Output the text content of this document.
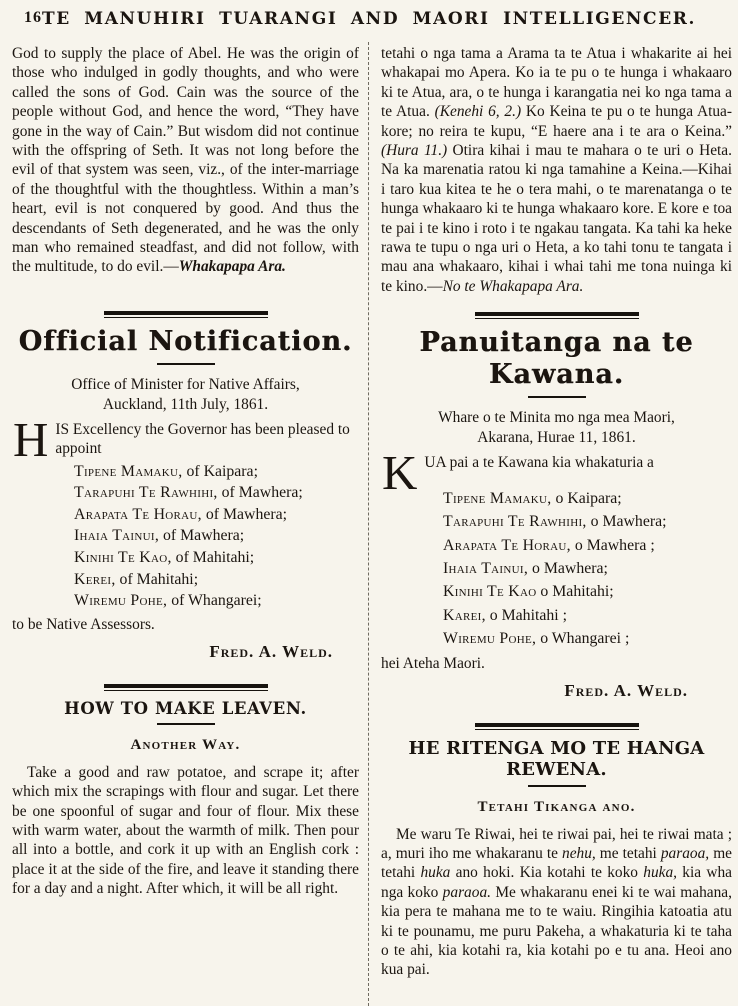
16 TE MANUHIRI TUARANGI AND MAORI INTELLIGENCER.

God to supply the place of Abel. He was the origin of those who indulged in godly thoughts, and who were called the sons of God. Cain was the source of the people without God, and hence the word, “They have gone in the way of Cain.” But wisdom did not continue with the offspring of Seth. It was not long before the evil of that system was seen, viz., of the inter-marriage of the thoughtful with the thoughtless. Within a man’s heart, evil is not conquered by good. And thus the descendants of Seth degenerated, and he was the only man who remained steadfast, and did not follow, with the multitude, to do evil.—Whakapapa Ara.

Official Notification.

Office of Minister for Native Affairs,

Auckland, 11th July, 1861.

HIS Excellency the Governor has been pleased to appoint

Tipene Mamaku, of Kaipara;
Tarapuhi Te Rawhihi, of Mawhera;
Arapata Te Horau, of Mawhera;
Ihaia Tainui, of Mawhera;
Kinihi Te Kao, of Mahitahi;
Kerei, of Mahitahi;
Wiremu Pohe, of Whangarei;

to be Native Assessors.

Fred. A. Weld.

HOW TO MAKE LEAVEN.
Another Way.

Take a good and raw potatoe, and scrape it; after which mix the scrapings with flour and sugar. Let there be one spoonful of sugar and four of flour. Mix these with warm water, about the warmth of milk. Then pour all into a bottle, and cork it up with an English cork : place it at the side of the fire, and leave it standing there for a day and a night. After which, it will be all right.

tetahi o nga tama a Arama ta te Atua i whakarite ai hei whakapai mo Apera. Ko ia te pu o te hunga i whakaaro ki te Atua, ara, o te hunga i karangatia nei ko nga tama a te Atua. (Kenehi 6, 2.) Ko Keina te pu o te hunga Atua-kore; no reira te kupu, “E haere ana i te ara o Keina.” (Hura 11.) Otira kihai i mau te mahara o te uri o Heta. Na ka marenatia ratou ki nga tamahine a Keina.—Kihai i taro kua kitea te he o tera mahi, o te marenatanga o te hunga whakaaro ki te hunga whakaaro kore. E kore e toa te pai i te kino i roto i te ngakau tangata. Ka tahi ka heke rawa te tupu o nga uri o Heta, a ko tahi tonu te tangata i mau ana whakaaro, kihai i whai tahi me tona nuinga ki te kino.—No te Whakapapa Ara.

Panuitanga na te Kawana.

Whare o te Minita mo nga mea Maori,

Akarana, Hurae 11, 1861.

KUA pai a te Kawana kia whakaturia a

Tipene Mamaku, o Kaipara;
Tarapuhi Te Rawhihi, o Mawhera;
Arapata Te Horau, o Mawhera ;
Ihaia Tainui, o Mawhera;
Kinihi Te Kao o Mahitahi;
Karei, o Mahitahi ;
Wiremu Pohe, o Whangarei ;

hei Ateha Maori.

Fred. A. Weld.

HE RITENGA MO TE HANGA REWENA.
Tetahi Tikanga ano.

Me waru Te Riwai, hei te riwai pai, hei te riwai mata ; a, muri iho me whakaranu te nehu, me tetahi paraoa, me tetahi huka ano hoki. Kia kotahi te koko huka, kia wha nga koko paraoa. Me whakaranu enei ki te wai mahana, kia pera te mahana me to te waiu. Ringihia katoatia atu ki te pounamu, me puru Pakeha, a whakaturia ki te taha o te ahi, kia kotahi ra, kia kotahi po e tu ana. Heoi ano kua pai.
